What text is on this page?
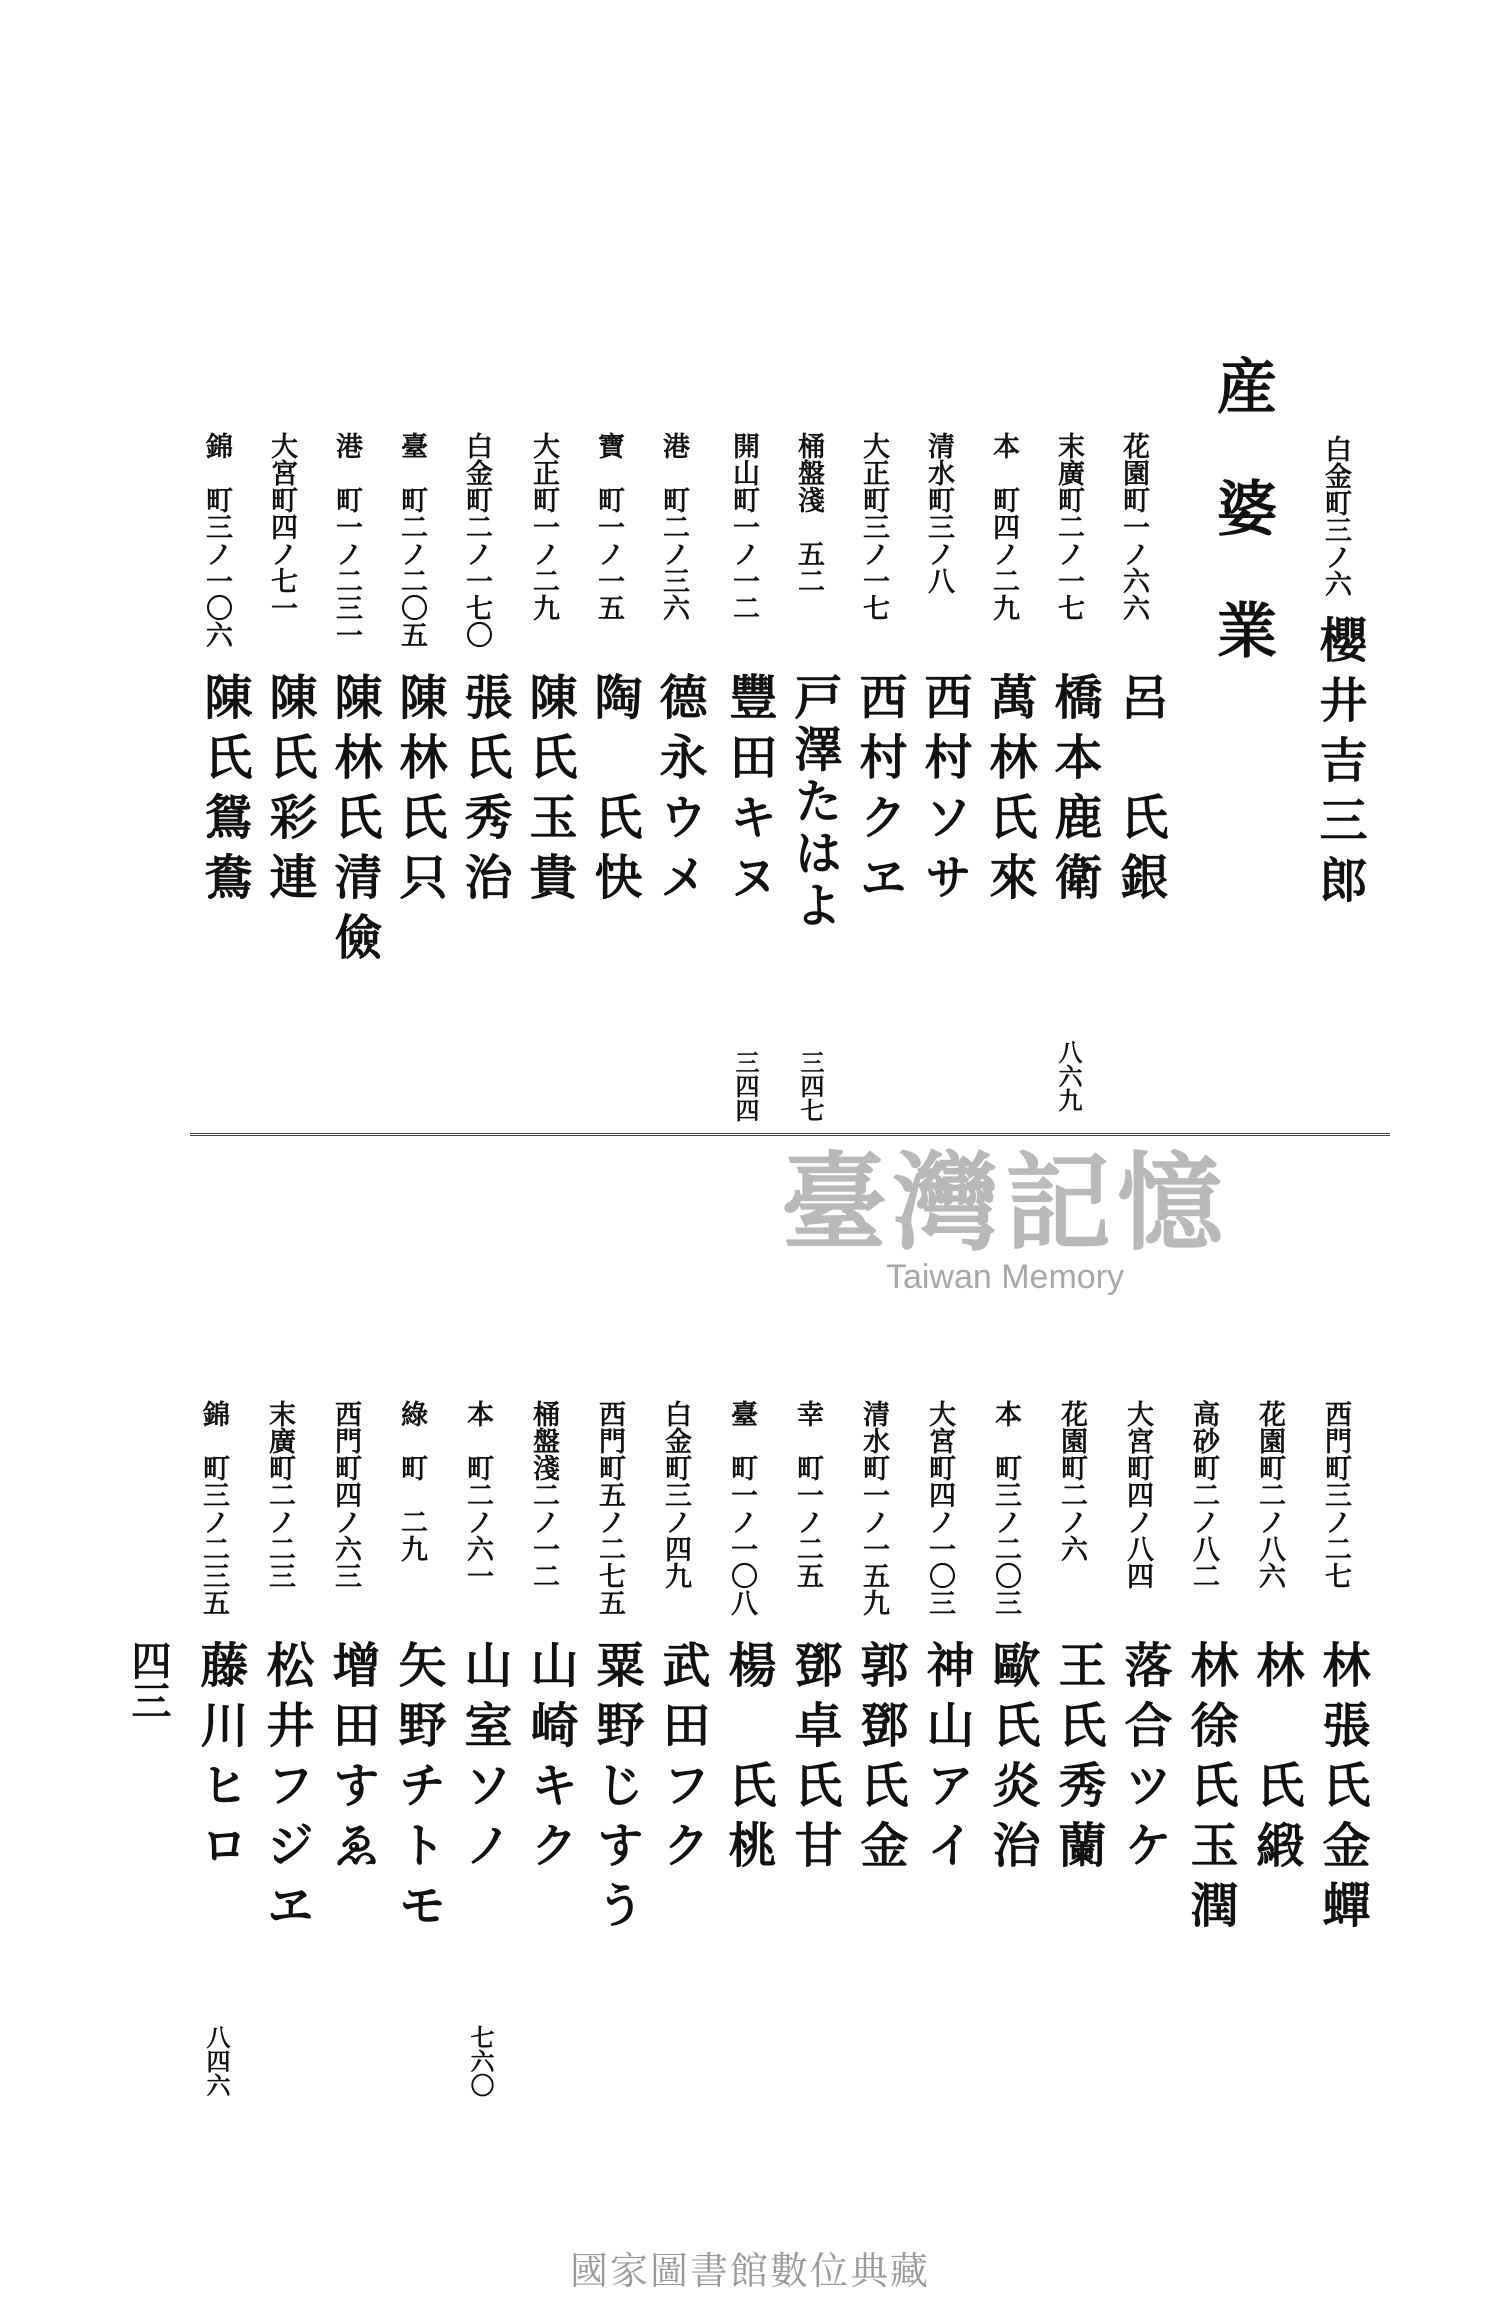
白金町三ノ六
櫻井吉三郎
産婆業
花園町一ノ六六
呂　氏銀
末廣町二ノ一七
橋本鹿衛
八六九
本　町四ノ二九
萬林氏來
清水町三ノ八
西村ソサ
大正町三ノ一七
西村クヱ
桶盤淺　五二
戸澤たはよ
三四七
開山町一ノ一二
豐田キヌ
三四四
港　町二ノ三六
德永ウメ
寶　町一ノ一五
陶　氏快
大正町一ノ二九
陳氏玉貴
白金町二ノ一七〇
張氏秀治
臺　町二ノ二〇五
陳林氏只
港　町一ノ二三一
陳林氏清儉
大宮町四ノ七一
陳氏彩連
錦　町三ノ一〇六
陳氏鴛鴦
臺灣記憶
Taiwan Memory
西門町三ノ二七
林張氏金蟬
花園町二ノ八六
林　氏緞
高砂町二ノ八二
林徐氏玉潤
大宮町四ノ八四
落合ツケ
花園町二ノ六
王氏秀蘭
本　町三ノ二〇三
歐氏炎治
大宮町四ノ一〇三
神山アイ
清水町一ノ一五九
郭鄧氏金
幸　町一ノ二五
鄧卓氏甘
臺　町一ノ一〇八
楊　氏桃
白金町三ノ四九
武田フク
西門町五ノ二七五
粟野じすう
桶盤淺二ノ一二
山崎キク
本　町二ノ六一
山室ソノ
七六〇
綠　町　二九
矢野チトモ
西門町四ノ六三
增田すゑ
末廣町二ノ二三
松井フジヱ
錦　町三ノ二三五
藤川ヒロ
八四六
四三
國家圖書館數位典藏
